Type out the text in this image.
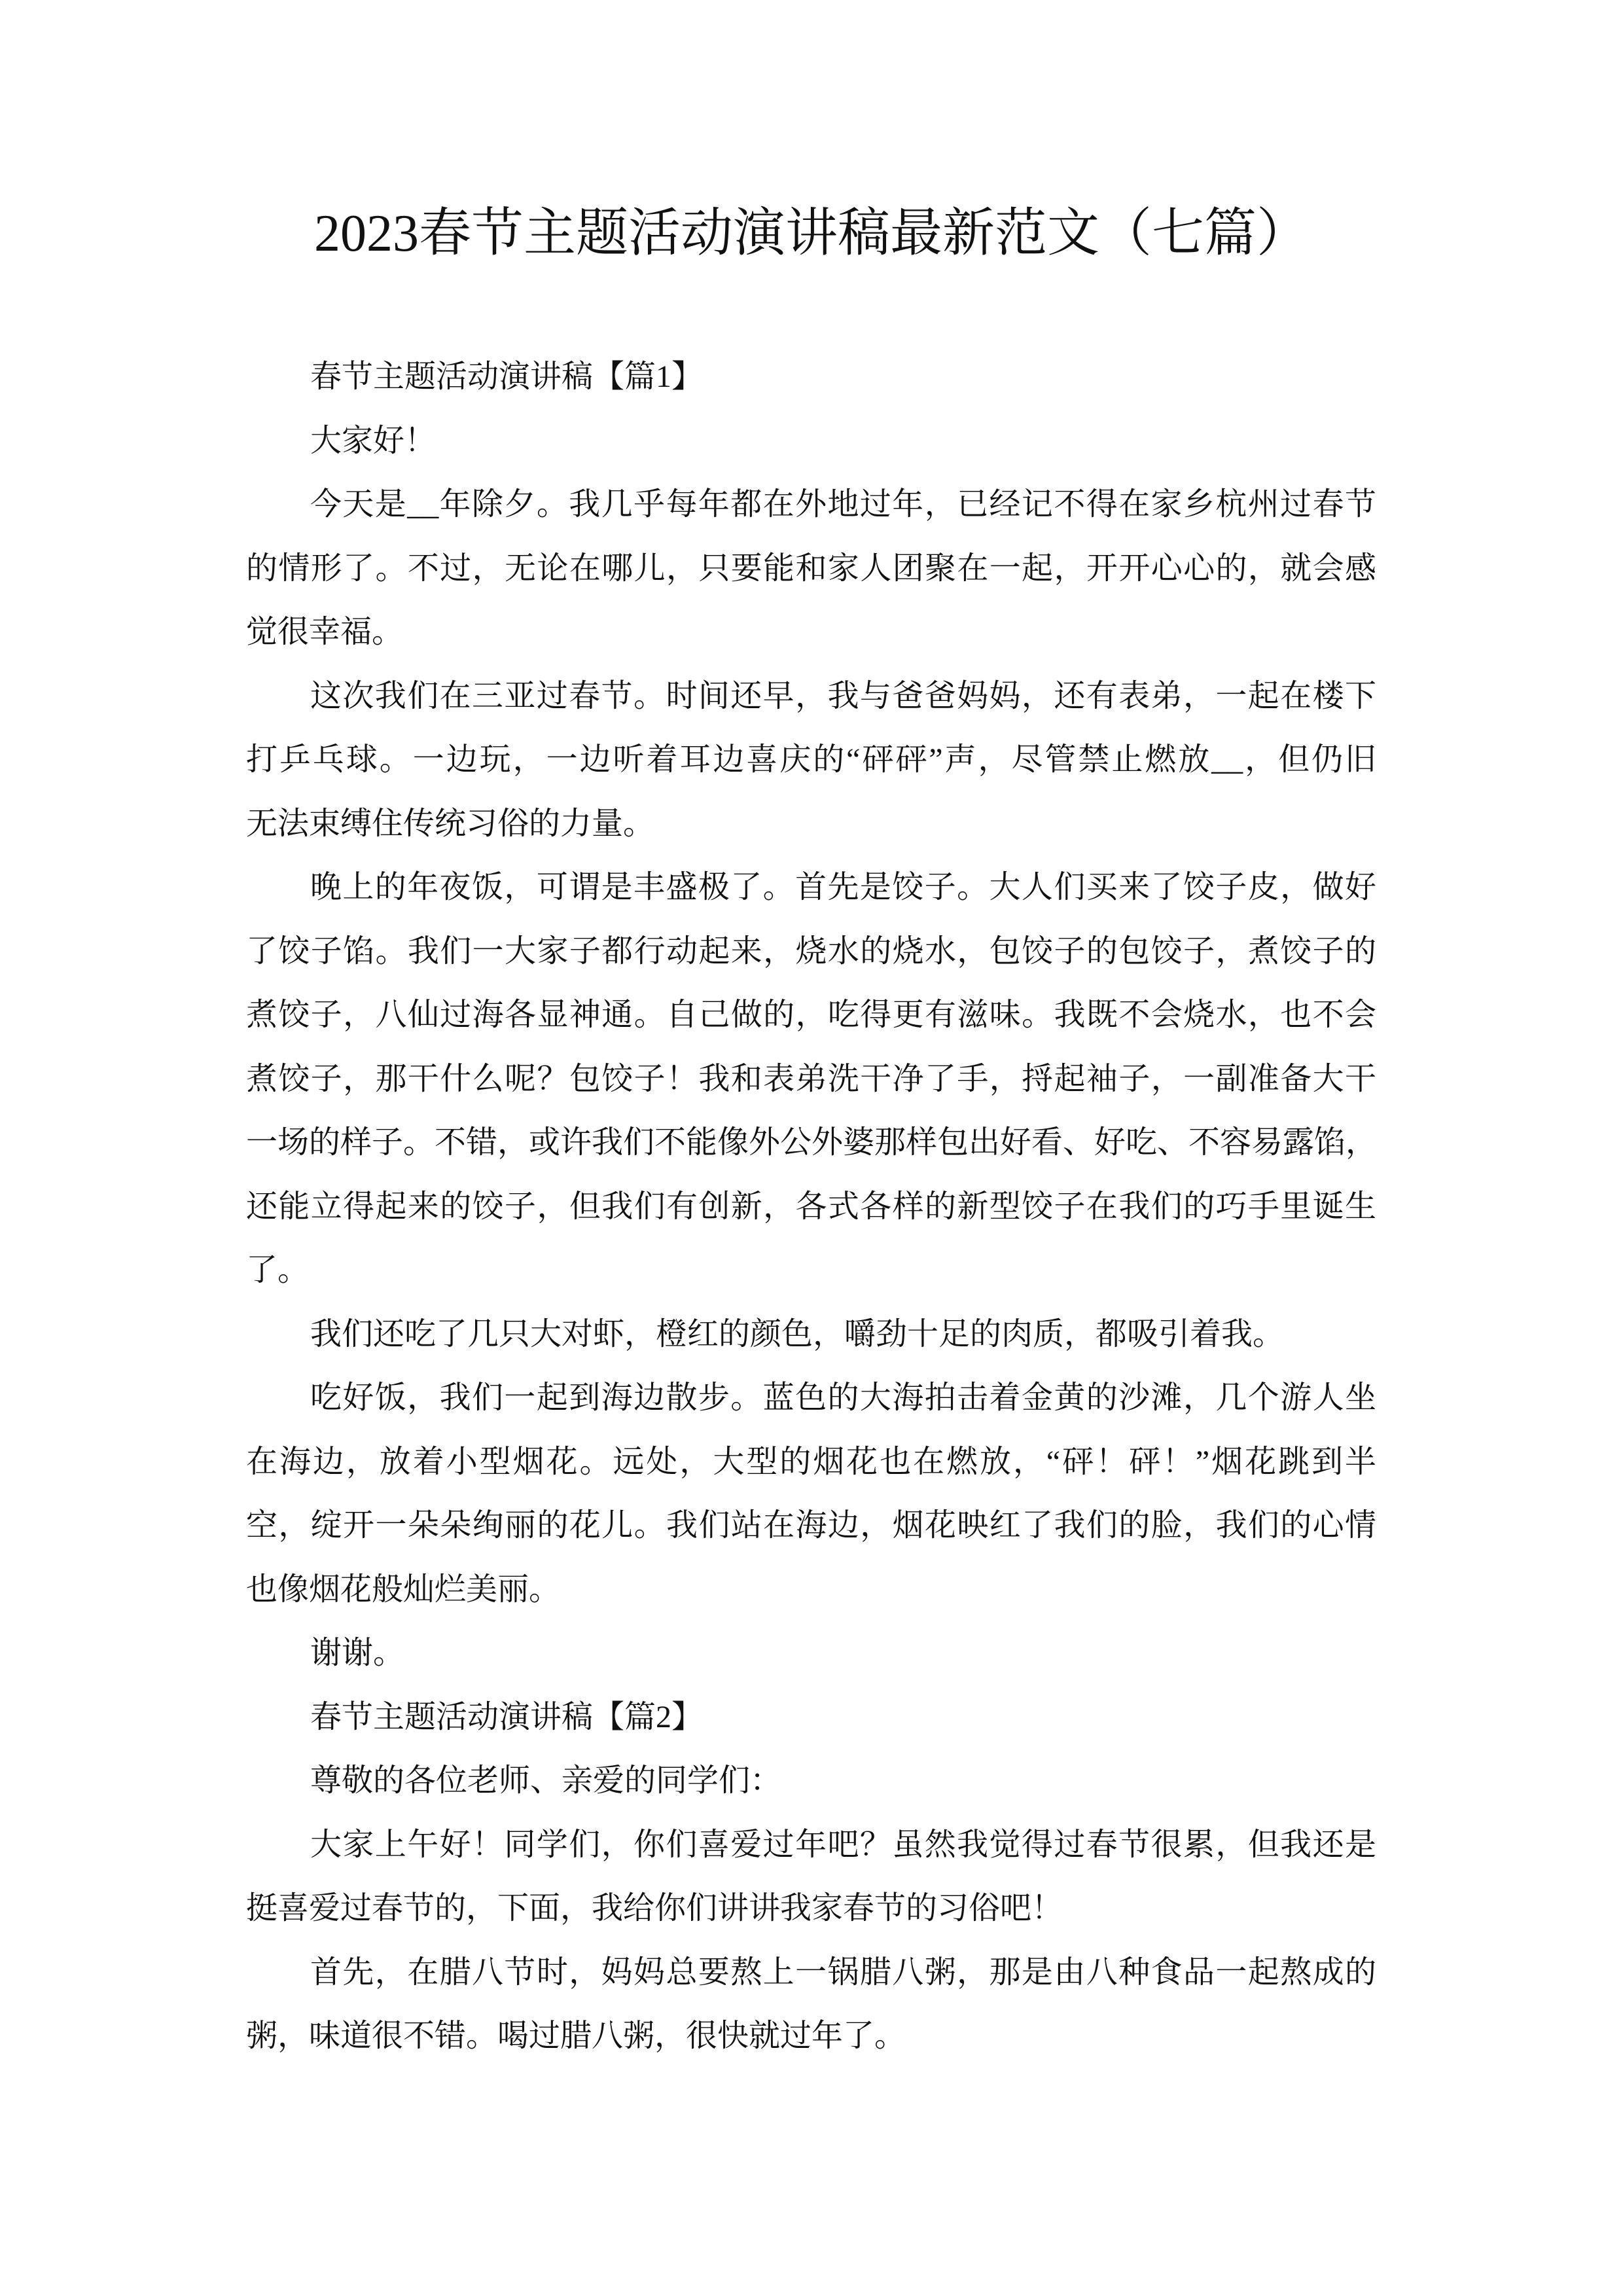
2023春节主题活动演讲稿最新范文（七篇）
春节主题活动演讲稿【篇1】
大家好！
今天是__年除夕。我几乎每年都在外地过年，已经记不得在家乡杭州过春节
的情形了。不过，无论在哪儿，只要能和家人团聚在一起，开开心心的，就会感
觉很幸福。
这次我们在三亚过春节。时间还早，我与爸爸妈妈，还有表弟，一起在楼下
打乒乓球。一边玩，一边听着耳边喜庆的“砰砰”声，尽管禁止燃放__，但仍旧
无法束缚住传统习俗的力量。
晚上的年夜饭，可谓是丰盛极了。首先是饺子。大人们买来了饺子皮，做好
了饺子馅。我们一大家子都行动起来，烧水的烧水，包饺子的包饺子，煮饺子的
煮饺子，八仙过海各显神通。自己做的，吃得更有滋味。我既不会烧水，也不会
煮饺子，那干什么呢？包饺子！我和表弟洗干净了手，捋起袖子，一副准备大干
一场的样子。不错，或许我们不能像外公外婆那样包出好看、好吃、不容易露馅，
还能立得起来的饺子，但我们有创新，各式各样的新型饺子在我们的巧手里诞生
了。
我们还吃了几只大对虾，橙红的颜色，嚼劲十足的肉质，都吸引着我。
吃好饭，我们一起到海边散步。蓝色的大海拍击着金黄的沙滩，几个游人坐
在海边，放着小型烟花。远处，大型的烟花也在燃放，“砰！砰！”烟花跳到半
空，绽开一朵朵绚丽的花儿。我们站在海边，烟花映红了我们的脸，我们的心情
也像烟花般灿烂美丽。
谢谢。
春节主题活动演讲稿【篇2】
尊敬的各位老师、亲爱的同学们：
大家上午好！同学们，你们喜爱过年吧？虽然我觉得过春节很累，但我还是
挺喜爱过春节的，下面，我给你们讲讲我家春节的习俗吧！
首先，在腊八节时，妈妈总要熬上一锅腊八粥，那是由八种食品一起熬成的
粥，味道很不错。喝过腊八粥，很快就过年了。
